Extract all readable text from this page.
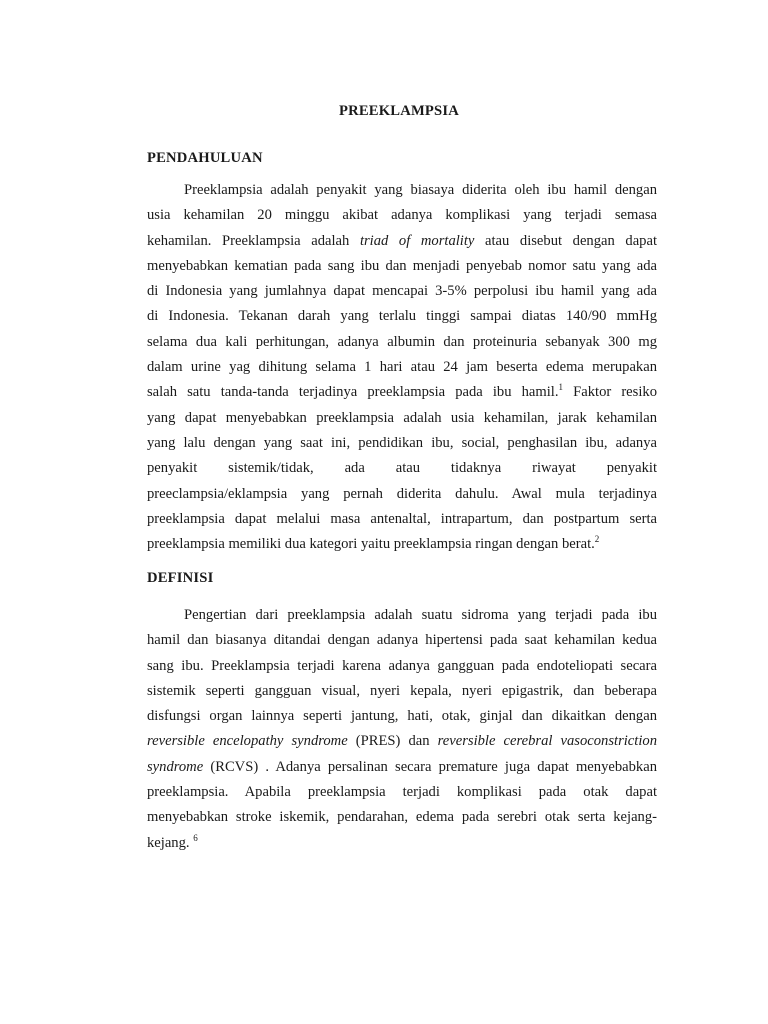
PREEKLAMPSIA
PENDAHULUAN
Preeklampsia adalah penyakit yang biasaya diderita oleh ibu hamil dengan
usia kehamilan 20 minggu akibat adanya komplikasi yang terjadi semasa
kehamilan. Preeklampsia adalah triad of mortality atau disebut dengan dapat
menyebabkan kematian pada sang ibu dan menjadi penyebab nomor satu yang ada
di Indonesia yang jumlahnya dapat mencapai 3-5% perpolusi ibu hamil yang ada
di Indonesia. Tekanan darah yang terlalu tinggi sampai diatas 140/90 mmHg
selama dua kali perhitungan, adanya albumin dan proteinuria sebanyak 300 mg
dalam urine yag dihitung selama 1 hari atau 24 jam beserta edema merupakan
salah satu tanda-tanda terjadinya preeklampsia pada ibu hamil.$^1$ Faktor resiko
yang dapat menyebabkan preeklampsia adalah usia kehamilan, jarak kehamilan
yang lalu dengan yang saat ini, pendidikan ibu, social, penghasilan ibu, adanya
penyakit sistemik/tidak, ada atau tidaknya riwayat penyakit
preeclampsia/eklampsia yang pernah diderita dahulu. Awal mula terjadinya
preeklampsia dapat melalui masa antenaltal, intrapartum, dan postpartum serta
preeklampsia memiliki dua kategori yaitu preeklampsia ringan dengan berat.$^2$
DEFINISI
Pengertian dari preeklampsia adalah suatu sidroma yang terjadi pada ibu
hamil dan biasanya ditandai dengan adanya hipertensi pada saat kehamilan kedua
sang ibu. Preeklampsia terjadi karena adanya gangguan pada endoteliopati secara
sistemik seperti gangguan visual, nyeri kepala, nyeri epigastrik, dan beberapa
disfungsi organ lainnya seperti jantung, hati, otak, ginjal dan dikaitkan dengan
reversible encelopathy syndrome (PRES) dan reversible cerebral vasoconstriction
syndrome (RCVS) . Adanya persalinan secara premature juga dapat menyebabkan
preeklampsia. Apabila preeklampsia terjadi komplikasi pada otak dapat
menyebabkan stroke iskemik, pendarahan, edema pada serebri otak serta kejang-
kejang. $^6$
